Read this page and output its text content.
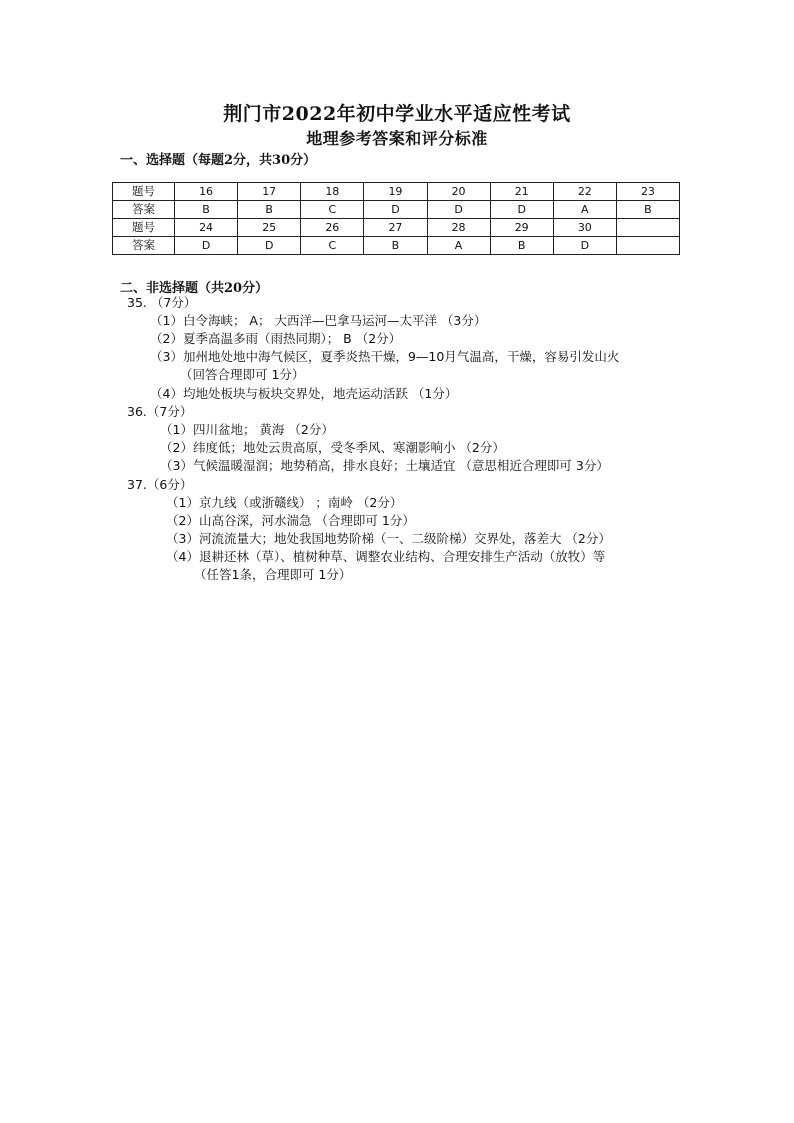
荆门市2022年初中学业水平适应性考试
地理参考答案和评分标准
一、选择题（每题2分，共30分）
题号	16	17	18	19	20	21	22	23
答案	B	B	C	D	D	D	A	B
题号	24	25	26	27	28	29	30	
答案	D	D	C	B	A	B	D	
二、非选择题（共20分）
35. （7分）
（1）白令海峡； A； 大西洋—巴拿马运河—太平洋 （3分）
（2）夏季高温多雨（雨热同期）； B （2分）
（3）加州地处地中海气候区，夏季炎热干燥，9—10月气温高，干燥，容易引发山火
（回答合理即可 1分）
（4）均地处板块与板块交界处，地壳运动活跃 （1分）
36.（7分）
（1）四川盆地； 黄海 （2分）
（2）纬度低；地处云贵高原，受冬季风、寒潮影响小 （2分）
（3）气候温暖湿润；地势稍高，排水良好；土壤适宜 （意思相近合理即可 3分）
37.（6分）
（1）京九线（或浙赣线） ；南岭 （2分）
（2）山高谷深，河水湍急 （合理即可 1分）
（3）河流流量大；地处我国地势阶梯（一、二级阶梯）交界处，落差大 （2分）
（4）退耕还林（草）、植树种草、调整农业结构、合理安排生产活动（放牧）等
（任答1条，合理即可 1分）
